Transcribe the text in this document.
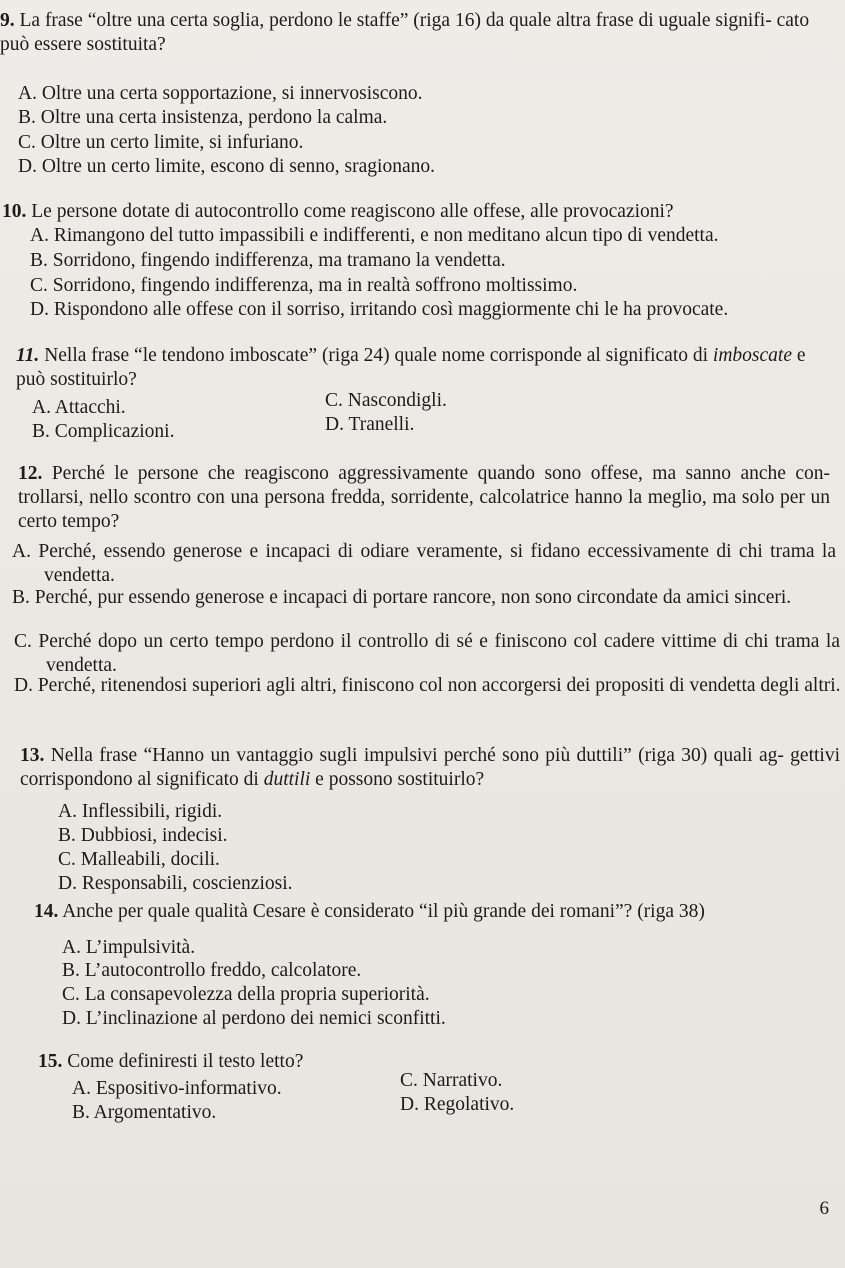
9. La frase “oltre una certa soglia, perdono le staffe” (riga 16) da quale altra frase di uguale signifi- cato può essere sostituita?
A. Oltre una certa sopportazione, si innervosiscono.
B. Oltre una certa insistenza, perdono la calma.
C. Oltre un certo limite, si infuriano.
D. Oltre un certo limite, escono di senno, sragionano.
10. Le persone dotate di autocontrollo come reagiscono alle offese, alle provocazioni?
A. Rimangono del tutto impassibili e indifferenti, e non meditano alcun tipo di vendetta.
B. Sorridono, fingendo indifferenza, ma tramano la vendetta.
C. Sorridono, fingendo indifferenza, ma in realtà soffrono moltissimo.
D. Rispondono alle offese con il sorriso, irritando così maggiormente chi le ha provocate.
11. Nella frase “le tendono imboscate” (riga 24) quale nome corrisponde al significato di imboscate e può sostituirlo?
A. Attacchi.
B. Complicazioni.
C. Nascondigli.
D. Tranelli.
12. Perché le persone che reagiscono aggressivamente quando sono offese, ma sanno anche con- trollarsi, nello scontro con una persona fredda, sorridente, calcolatrice hanno la meglio, ma solo per un certo tempo?
A. Perché, essendo generose e incapaci di odiare veramente, si fidano eccessivamente di chi trama la vendetta.
B. Perché, pur essendo generose e incapaci di portare rancore, non sono circondate da amici sinceri.
C. Perché dopo un certo tempo perdono il controllo di sé e finiscono col cadere vittime di chi trama la vendetta.
D. Perché, ritenendosi superiori agli altri, finiscono col non accorgersi dei propositi di vendetta degli altri.
13. Nella frase “Hanno un vantaggio sugli impulsivi perché sono più duttili” (riga 30) quali ag- gettivi corrispondono al significato di duttili e possono sostituirlo?
A. Inflessibili, rigidi.
B. Dubbiosi, indecisi.
C. Malleabili, docili.
D. Responsabili, coscienziosi.
14. Anche per quale qualità Cesare è considerato “il più grande dei romani”? (riga 38)
A. L’impulsività.
B. L’autocontrollo freddo, calcolatore.
C. La consapevolezza della propria superiorità.
D. L’inclinazione al perdono dei nemici sconfitti.
15. Come definiresti il testo letto?
A. Espositivo-informativo.
B. Argomentativo.
C. Narrativo.
D. Regolativo.
6
